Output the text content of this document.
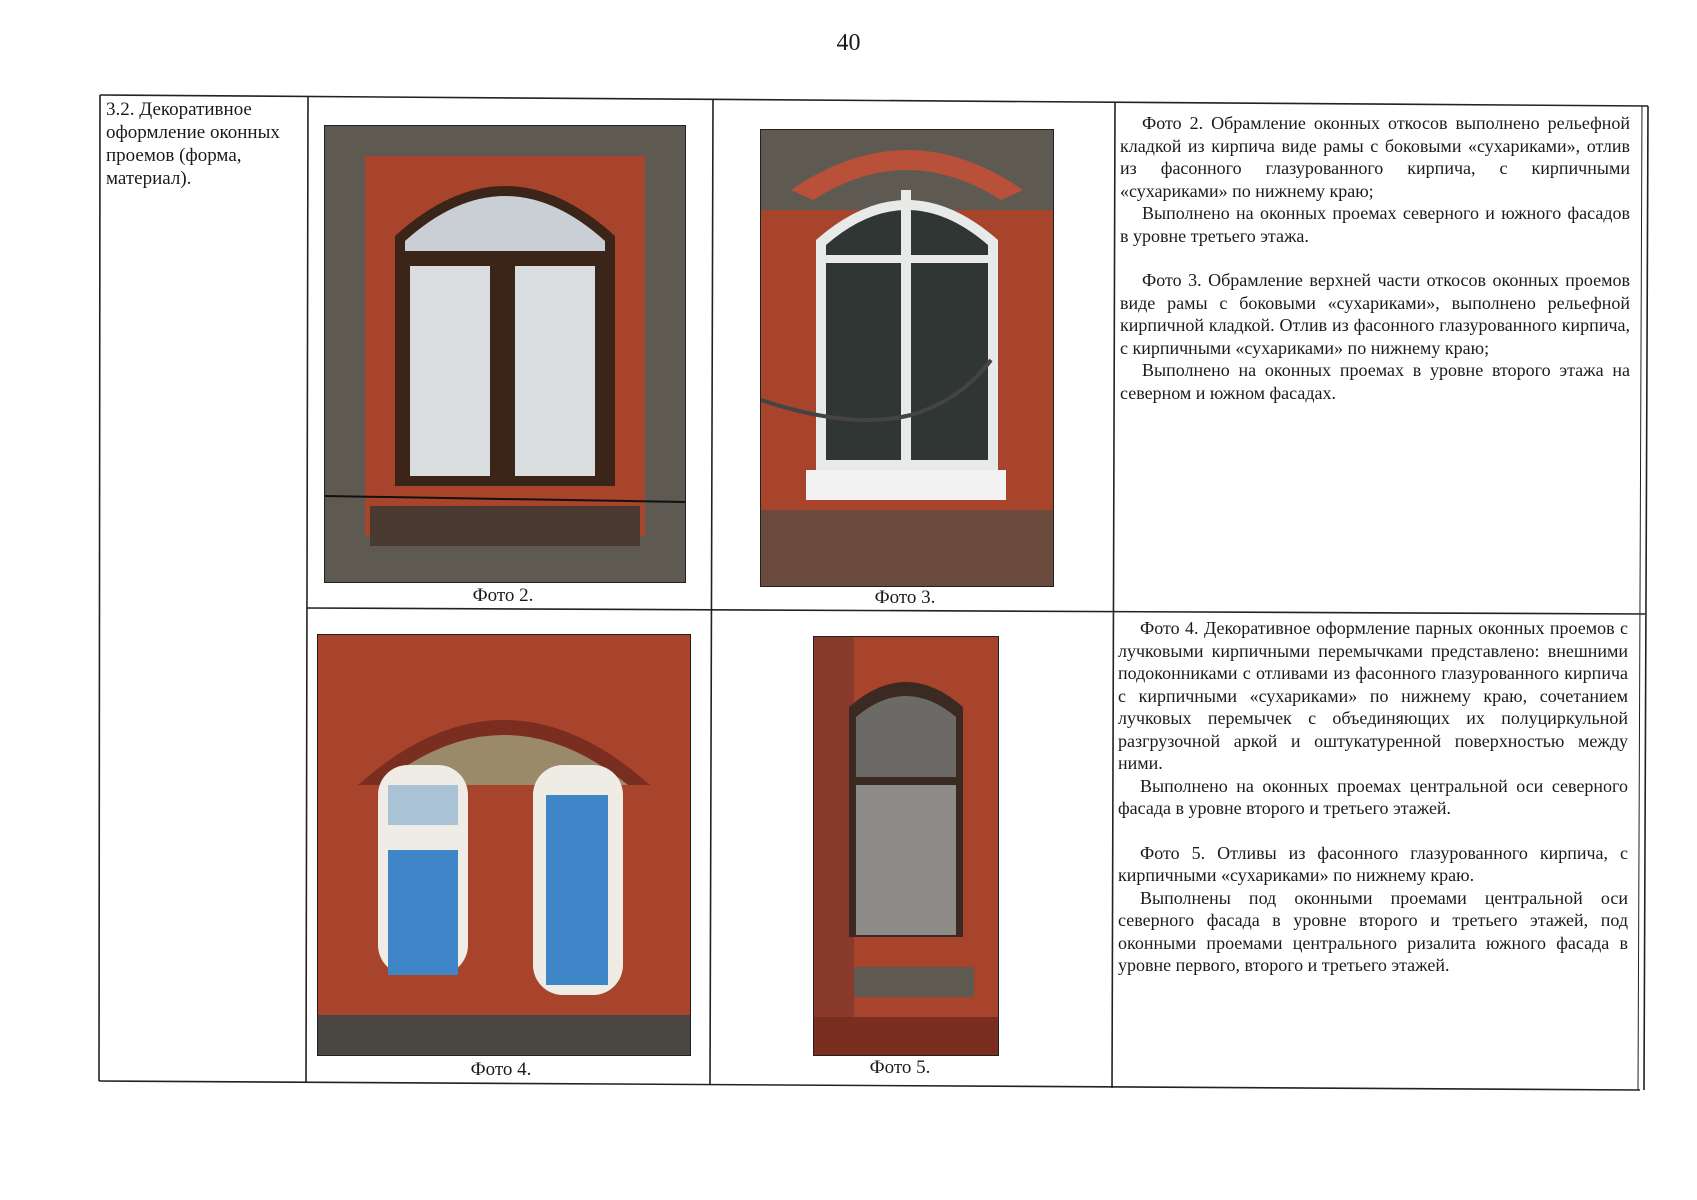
40
3.2. Декоративное оформление оконных проемов (форма, материал).
Фото 2.	Фото 3.
Фото 4.	Фото 5.

Фото 2. Обрамление оконных откосов выполнено рельефной кладкой из кирпича виде рамы с боковыми «сухариками», отлив из фасонного глазурованного кирпича, с кирпичными «сухариками» по нижнему краю;

Выполнено на оконных проемах северного и южного фасадов в уровне третьего этажа.

Фото 3. Обрамление верхней части откосов оконных проемов виде рамы с боковыми «сухариками», выполнено рельефной кирпичной кладкой. Отлив из фасонного глазурованного кирпича, с кирпичными «сухариками» по нижнему краю;

Выполнено на оконных проемах в уровне второго этажа на северном и южном фасадах.

Фото 4. Декоративное оформление парных оконных проемов с лучковыми кирпичными перемычками представлено: внешними подоконниками с отливами из фасонного глазурованного кирпича с кирпичными «сухариками» по нижнему краю, сочетанием лучковых перемычек с объединяющих их полуциркульной разгрузочной аркой и оштукатуренной поверхностью между ними.

Выполнено на оконных проемах центральной оси северного фасада в уровне второго и третьего этажей.

Фото 5. Отливы из фасонного глазурованного кирпича, с кирпичными «сухариками» по нижнему краю.

Выполнены под оконными проемами центральной оси северного фасада в уровне второго и третьего этажей, под оконными проемами центрального ризалита южного фасада в уровне первого, второго и третьего этажей.
